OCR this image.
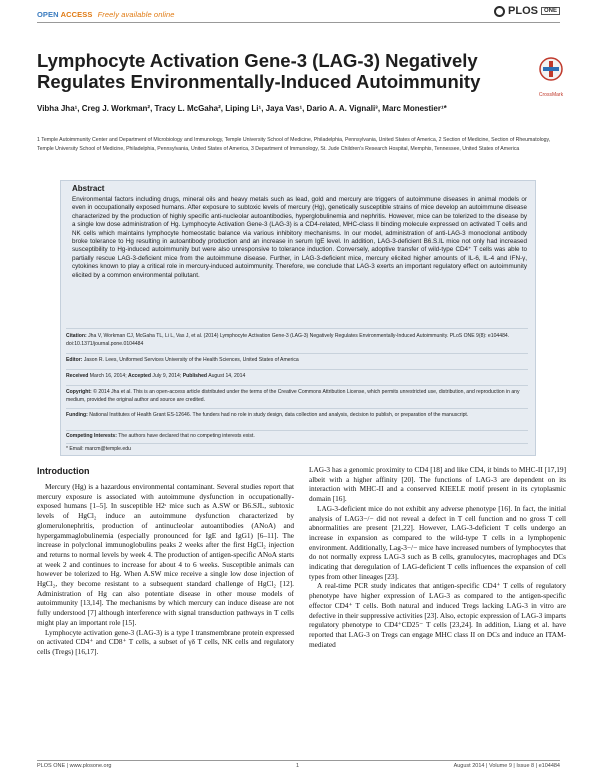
OPEN ACCESS Freely available online	PLOS	ONE
Lymphocyte Activation Gene-3 (LAG-3) Negatively Regulates Environmentally-Induced Autoimmunity
CrossMark
Vibha Jha¹, Creg J. Workman², Tracy L. McGaha², Liping Li¹, Jaya Vas¹, Dario A. A. Vignali³, Marc Monestier¹*
1 Temple Autoimmunity Center and Department of Microbiology and Immunology, Temple University School of Medicine, Philadelphia, Pennsylvania, United States of America, 2 Section of Medicine, Section of Rheumatology, Temple University School of Medicine, Philadelphia, Pennsylvania, United States of America, 3 Department of Immunology, St. Jude Children's Research Hospital, Memphis, Tennessee, United States of America
Abstract
Environmental factors including drugs, mineral oils and heavy metals such as lead, gold and mercury are triggers of autoimmune diseases in animal models or even in occupationally exposed humans. After exposure to subtoxic levels of mercury (Hg), genetically susceptible strains of mice develop an autoimmune disease characterized by the production of highly specific anti-nucleolar autoantibodies, hyperglobulinemia and nephritis. However, mice can be tolerized to the disease by a single low dose administration of Hg. Lymphocyte Activation Gene-3 (LAG-3) is a CD4-related, MHC-class II binding molecule expressed on activated T cells and NK cells which maintains lymphocyte homeostatic balance via various inhibitory mechanisms. In our model, administration of anti-LAG-3 monoclonal antibody broke tolerance to Hg resulting in autoantibody production and an increase in serum IgE level. In addition, LAG-3-deficient B6.S.IL mice not only had increased susceptibility to Hg-induced autoimmunity but were also unresponsive to tolerance induction. Conversely, adoptive transfer of wild-type CD4⁺ T cells was able to partially rescue LAG-3-deficient mice from the autoimmune disease. Further, in LAG-3-deficient mice, mercury elicited higher amounts of IL-6, IL-4 and IFN-γ, cytokines known to play a critical role in mercury-induced autoimmunity. Therefore, we conclude that LAG-3 exerts an important regulatory effect on autoimmunity elicited by a common environmental pollutant.
Citation: Jha V, Workman CJ, McGaha TL, Li L, Vas J, et al. (2014) Lymphocyte Activation Gene-3 (LAG-3) Negatively Regulates Environmentally-Induced Autoimmunity. PLoS ONE 9(8): e104484. doi:10.1371/journal.pone.0104484
Editor: Jason R. Lees, Uniformed Services University of the Health Sciences, United States of America
Received March 16, 2014; Accepted July 9, 2014; Published August 14, 2014
Copyright: © 2014 Jha et al. This is an open-access article distributed under the terms of the Creative Commons Attribution License, which permits unrestricted use, distribution, and reproduction in any medium, provided the original author and source are credited.
Funding: National Institutes of Health Grant ES-12646. The funders had no role in study design, data collection and analysis, decision to publish, or preparation of the manuscript.
Competing Interests: The authors have declared that no competing interests exist.
* Email: marcm@temple.edu
Introduction

Mercury (Hg) is a hazardous environmental contaminant. Several studies report that mercury exposure is associated with autoimmune dysfunction in occupationally-exposed humans [1–5]. In susceptible H2ˢ mice such as A.SW or B6.SJL, subtoxic levels of HgCl₂ induce an autoimmune dysfunction characterized by glomerulonephritis, production of antinucleolar autoantibodies (ANoA) and hypergammaglobulinemia (especially pronounced for IgE and IgG1) [6–11]. The increase in polyclonal immunoglobulins peaks 2 weeks after the first HgCl₂ injection and returns to normal levels by week 4. The production of antigen-specific ANoA starts at week 2 and continues to increase for about 4 to 6 weeks. Susceptible animals can however be tolerized to Hg. When A.SW mice receive a single low dose injection of HgCl₂, they become resistant to a subsequent standard challenge of HgCl₂ [12]. Administration of Hg can also potentiate disease in other mouse models of autoimmunity [13,14]. The mechanisms by which mercury can induce disease are not fully understood [7] although interference with signal transduction pathways in T cells might play an important role [15].

Lymphocyte activation gene-3 (LAG-3) is a type I transmembrane protein expressed on activated CD4⁺ and CD8⁺ T cells, a subset of γδ T cells, NK cells and regulatory cells (Tregs) [16,17].

LAG-3 has a genomic proximity to CD4 [18] and like CD4, it binds to MHC-II [17,19] albeit with a higher affinity [20]. The functions of LAG-3 are dependent on its interaction with MHC-II and a conserved KIEELE motif present in its cytoplasmic domain [16].

LAG-3-deficient mice do not exhibit any adverse phenotype [16]. In fact, the initial analysis of LAG3−/− did not reveal a defect in T cell function and no gross T cell abnormalities are present [21,22]. However, LAG-3-deficient T cells undergo an increase in expansion as compared to the wild-type T cells in a lymphopenic environment. Additionally, Lag-3−/− mice have increased numbers of lymphocytes that do not normally express LAG-3 such as B cells, granulocytes, macrophages and DCs indicating that deregulation of LAG-deficient T cells influences the expansion of cell types from other lineages [23].

A real-time PCR study indicates that antigen-specific CD4⁺ T cells of regulatory phenotype have higher expression of LAG-3 as compared to the antigen-specific effector CD4⁺ T cells. Both natural and induced Tregs lacking LAG-3 in vitro are defective in their suppressive activities [23]. Also, ectopic expression of LAG-3 imparts regulatory phenotype to CD4⁺CD25⁻ T cells [23,24]. In addition, Liang et al. have reported that LAG-3 on Tregs can engage MHC class II on DCs and induce an ITAM-mediated

PLOS ONE | www.plosone.org	1	August 2014 | Volume 9 | Issue 8 | e104484
